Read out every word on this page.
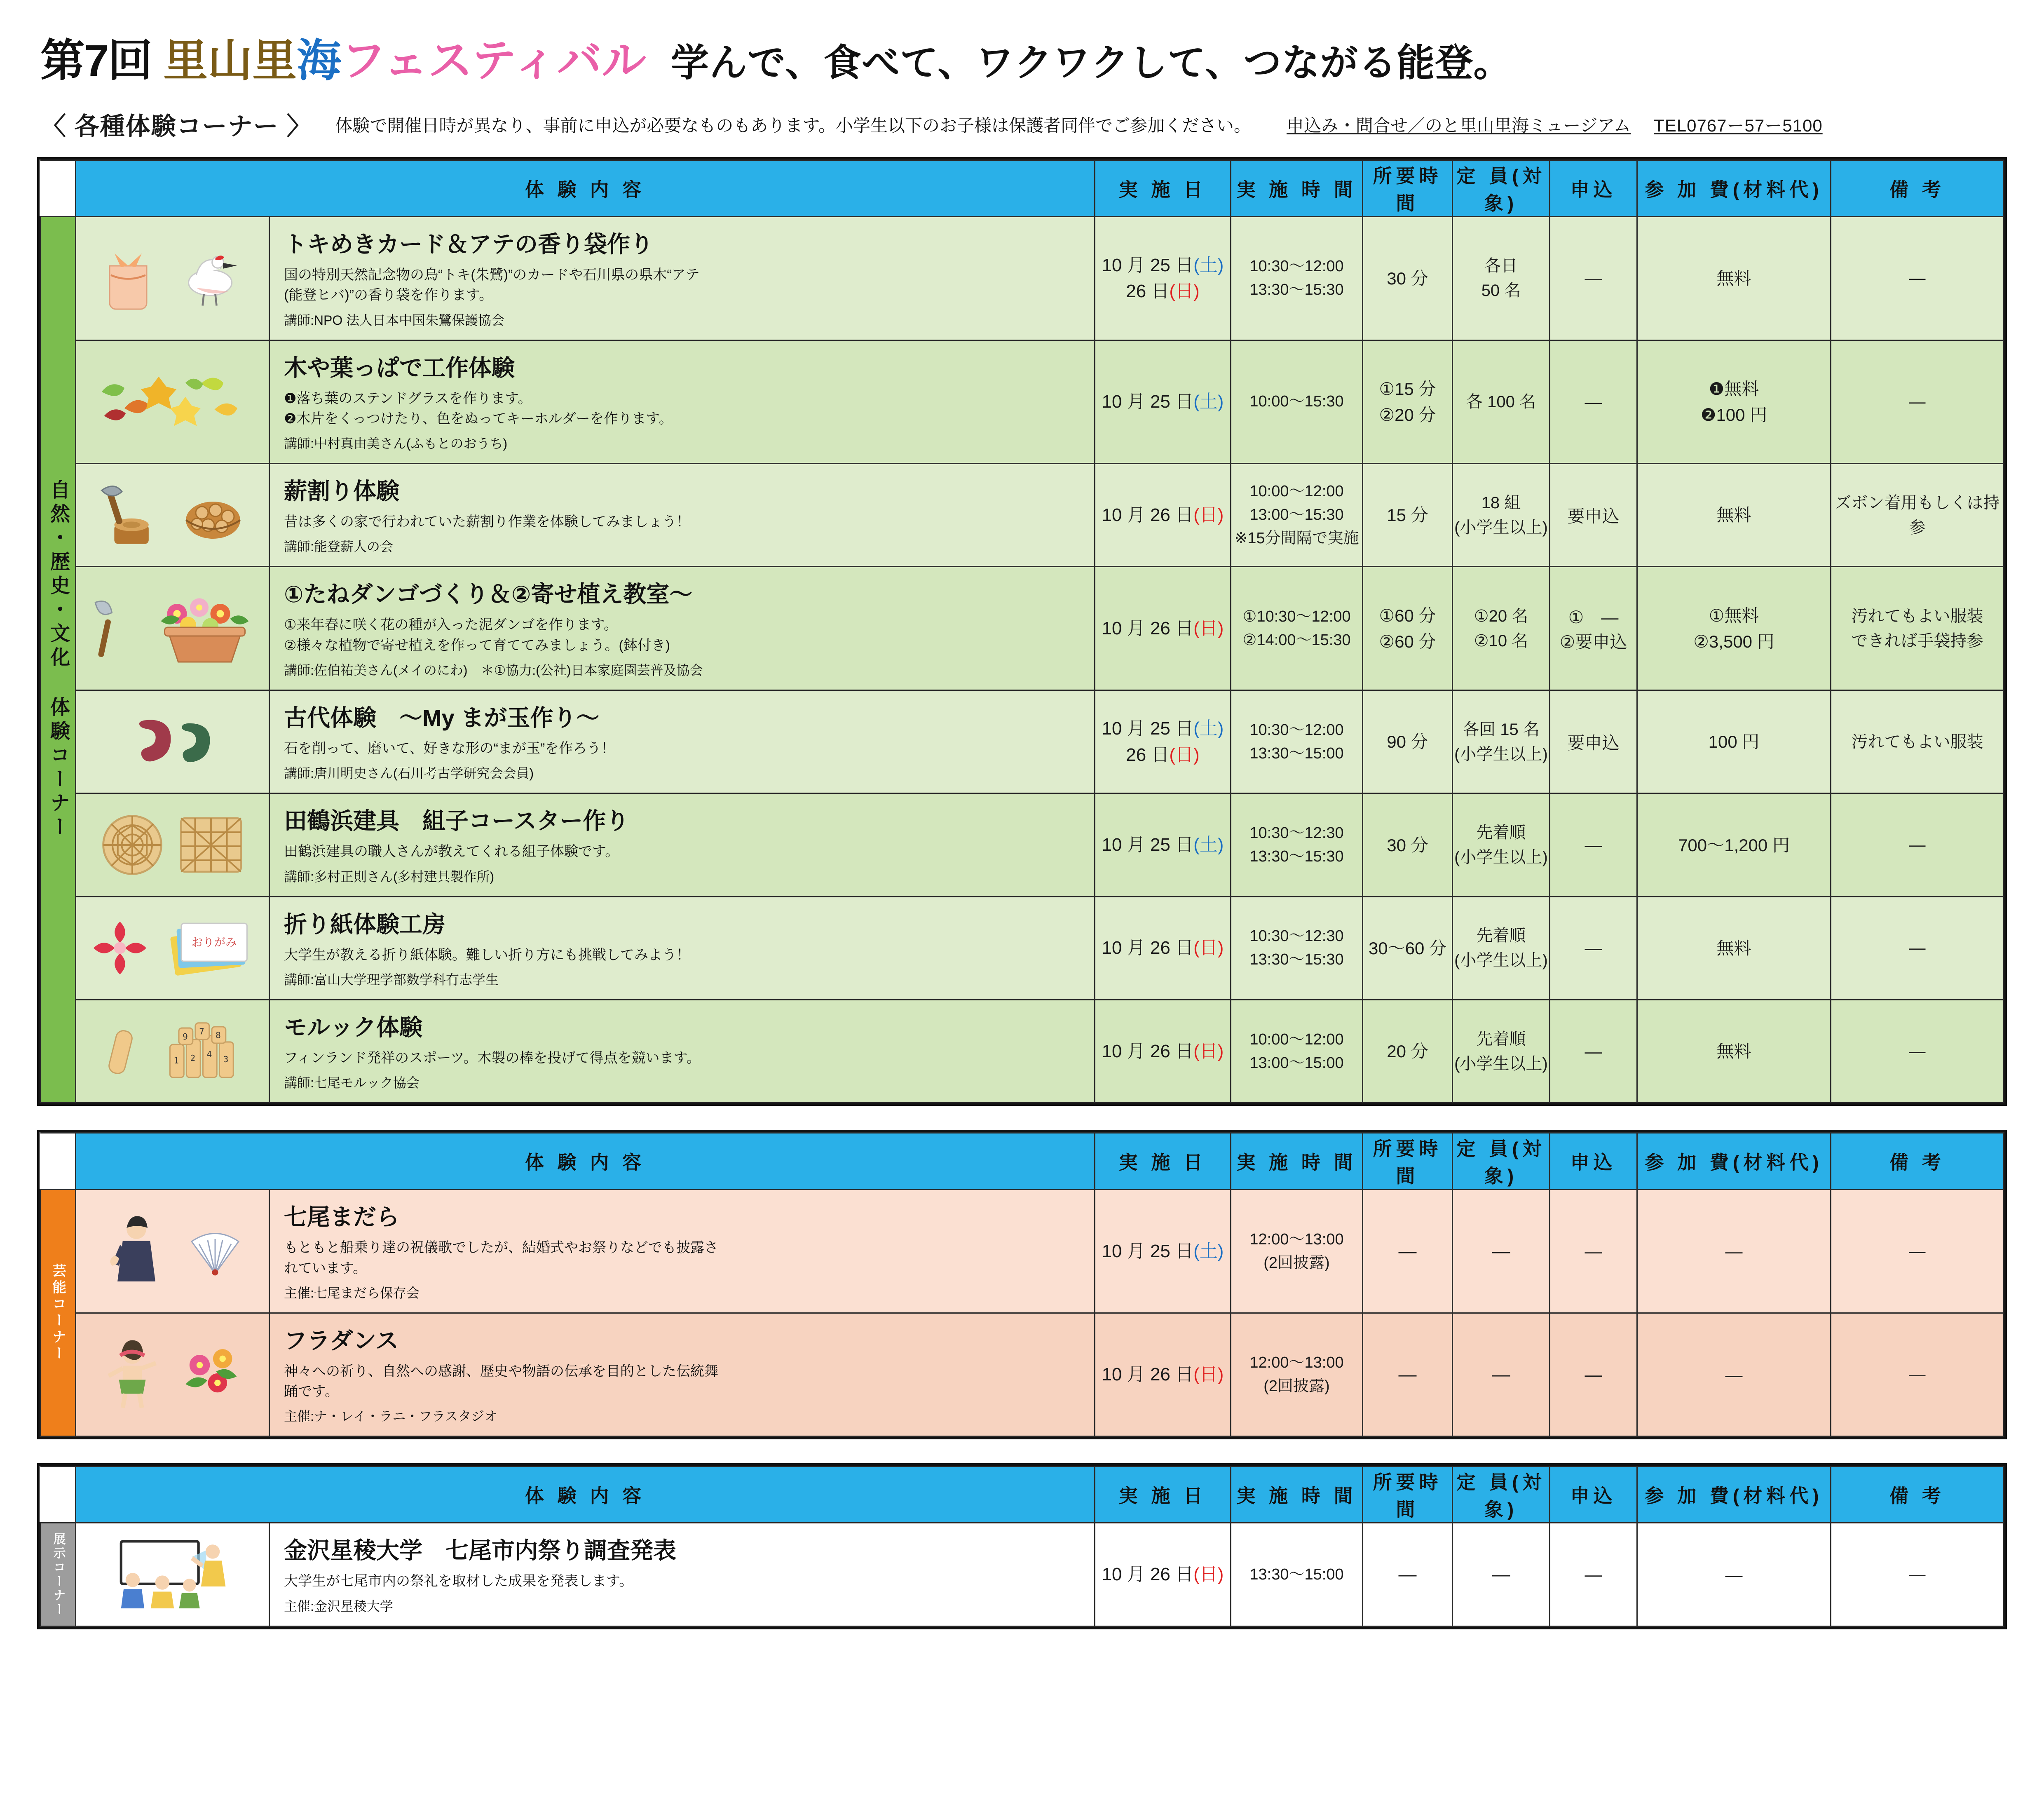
第7回 里山 里 海 フェスティバル 学んで、食べて、ワクワクして、つながる能登。
〈 各種体験コーナー 〉 体験で開催日時が異なり、事前に申込が必要なものもあります。小学生以下のお子様は保護者同伴でご参加ください。 申込み・問合せ／のと里山里海ミュージアム TEL0767ー57ー5100
	体 験 内 容		実 施 日	実 施 時 間	所要時間	定 員(対象)	申込	参 加 費(材料代)	備 考

自然･歴史･文化 体験コーナー

トキめきカード＆アテの香り袋作り
国の特別天然記念物の鳥“トキ(朱鷺)”のカードや石川県の県木“アテ
(能登ヒバ)”の香り袋を作ります。
講師:NPO 法人日本中国朱鷺保護協会
	10 月 25 日(土)
26 日(日)	10:30～12:00
13:30～15:30	30 分	各日
50 名	—	無料	—

木や葉っぱで工作体験
❶落ち葉のステンドグラスを作ります。
❷木片をくっつけたり、色をぬってキーホルダーを作ります。
講師:中村真由美さん(ふもとのおうち)
	10 月 25 日(土)	10:00～15:30	①15 分
②20 分	各 100 名	—	❶無料
❷100 円	—

薪割り体験
昔は多くの家で行われていた薪割り作業を体験してみましょう！
講師:能登薪人の会
	10 月 26 日(日)	10:00～12:00
13:00～15:30
※15分間隔で実施	15 分	18 組
(小学生以上)	要申込	無料	ズボン着用もしくは持参

①たねダンゴづくり＆②寄せ植え教室～
①来年春に咲く花の種が入った泥ダンゴを作ります。
②様々な植物で寄せ植えを作って育ててみましょう。(鉢付き)
講師:佐伯祐美さん(メイのにわ)　＊①協力:(公社)日本家庭園芸普及協会
	10 月 26 日(日)	①10:30～12:00
②14:00～15:30	①60 分
②60 分	①20 名
②10 名	①　—
②要申込	①無料
②3,500 円	汚れてもよい服装
できれば手袋持参

古代体験　～My まが玉作り～
石を削って、磨いて、好きな形の“まが玉”を作ろう！
講師:唐川明史さん(石川考古学研究会会員)
	10 月 25 日(土)
26 日(日)	10:30～12:00
13:30～15:00	90 分	各回 15 名
(小学生以上)	要申込	100 円	汚れてもよい服装

田鶴浜建具　組子コースター作り
田鶴浜建具の職人さんが教えてくれる組子体験です。
講師:多村正則さん(多村建具製作所)
	10 月 25 日(土)	10:30～12:30
13:30～15:30	30 分	先着順
(小学生以上)	—	700～1,200 円	—

おりがみ

折り紙体験工房
大学生が教える折り紙体験。難しい折り方にも挑戦してみよう！
講師:富山大学理学部数学科有志学生
	10 月 26 日(日)	10:30～12:30
13:30～15:30	30～60 分	先着順
(小学生以上)	—	無料	—

1 2 4
3
9
7 8	モルック体験
フィンランド発祥のスポーツ。木製の棒を投げて得点を競います。
講師:七尾モルック協会
	10 月 26 日(日)	10:00～12:00
13:00～15:00	20 分	先着順
(小学生以上)	—	無料	—
	体 験 内 容		実 施 日	実 施 時 間	所要時間	定 員(対象)	申込	参 加 費(材料代)	備 考

芸能コーナー

七尾まだら
もともと船乗り達の祝儀歌でしたが、結婚式やお祭りなどでも披露さ
れています。
主催:七尾まだら保存会
	10 月 25 日(土)	12:00～13:00
(2回披露)	—	—	—	—	—

フラダンス
神々への祈り、自然への感謝、歴史や物語の伝承を目的とした伝統舞
踊です。
主催:ナ・レイ・ラニ・フラスタジオ
	10 月 26 日(日)	12:00～13:00
(2回披露)	—	—	—	—	—
	体 験 内 容		実 施 日	実 施 時 間	所要時間	定 員(対象)	申込	参 加 費(材料代)	備 考

展示コーナー		金沢星稜大学　七尾市内祭り調査発表
大学生が七尾市内の祭礼を取材した成果を発表します。
主催:金沢星稜大学	10 月 26 日(日)	13:30～15:00	—	—	—	—	—
